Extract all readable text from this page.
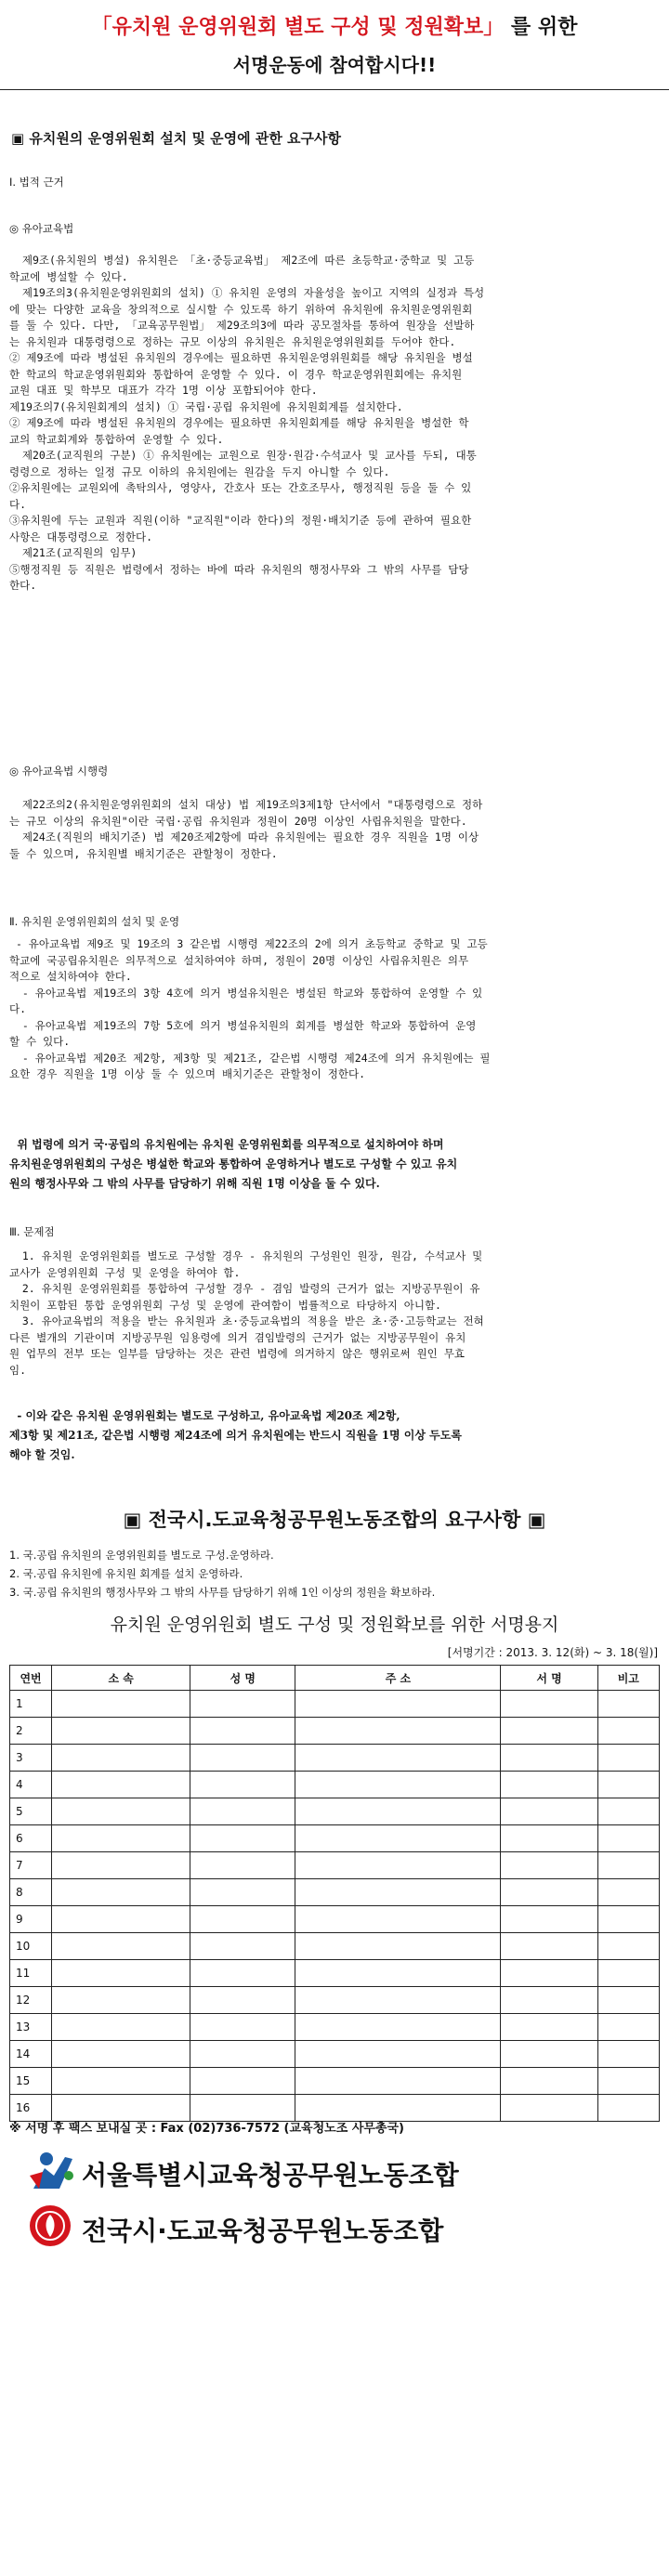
「유치원 운영위원회 별도 구성 및 정원확보」 를 위한
서명운동에 참여합시다!!
▣ 유치원의 운영위원회 설치 및 운영에 관한 요구사항
Ⅰ. 법적 근거
◎ 유아교육법
제9조(유치원의 병설) 유치원은 「초·중등교육법」 제2조에 따른 초등학교·중학교 및 고등
학교에 병설할 수 있다.
제19조의3(유치원운영위원회의 설치) ① 유치원 운영의 자율성을 높이고 지역의 실정과 특성
에 맞는 다양한 교육을 창의적으로 실시할 수 있도록 하기 위하여 유치원에 유치원운영위원회
를 둘 수 있다. 다만, 「교육공무원법」 제29조의3에 따라 공모절차를 통하여 원장을 선발하
는 유치원과 대통령령으로 정하는 규모 이상의 유치원은 유치원운영위원회를 두어야 한다.
② 제9조에 따라 병설된 유치원의 경우에는 필요하면 유치원운영위원회를 해당 유치원을 병설
한 학교의 학교운영위원회와 통합하여 운영할 수 있다. 이 경우 학교운영위원회에는 유치원
교원 대표 및 학부모 대표가 각각 1명 이상 포함되어야 한다.
제19조의7(유치원회계의 설치) ① 국립·공립 유치원에 유치원회계를 설치한다.
② 제9조에 따라 병설된 유치원의 경우에는 필요하면 유치원회계를 해당 유치원을 병설한 학
교의 학교회계와 통합하여 운영할 수 있다.
제20조(교직원의 구분) ① 유치원에는 교원으로 원장·원감·수석교사 및 교사를 두되, 대통
령령으로 정하는 일정 규모 이하의 유치원에는 원감을 두지 아니할 수 있다.
②유치원에는 교원외에 촉탁의사, 영양사, 간호사 또는 간호조무사, 행정직원 등을 둘 수 있
다.
③유치원에 두는 교원과 직원(이하 "교직원"이라 한다)의 정원·배치기준 등에 관하여 필요한
사항은 대통령령으로 정한다.
제21조(교직원의 임무)
⑤행정직원 등 직원은 법령에서 정하는 바에 따라 유치원의 행정사무와 그 밖의 사무를 담당
한다.
◎ 유아교육법 시행령
제22조의2(유치원운영위원회의 설치 대상) 법 제19조의3제1항 단서에서 "대통령령으로 정하
는 규모 이상의 유치원"이란 국립·공립 유치원과 정원이 20명 이상인 사립유치원을 말한다.
제24조(직원의 배치기준) 법 제20조제2항에 따라 유치원에는 필요한 경우 직원을 1명 이상
둘 수 있으며, 유치원별 배치기준은 관할청이 정한다.
Ⅱ. 유치원 운영위원회의 설치 및 운영
- 유아교육법 제9조 및 19조의 3 같은법 시행령 제22조의 2에 의거 초등학교 중학교 및 고등
학교에 국공립유치원은 의무적으로 설치하여야 하며, 정원이 20명 이상인 사립유치원은 의무
적으로 설치하여야 한다.
- 유아교육법 제19조의 3항 4호에 의거 병설유치원은 병설된 학교와 통합하여 운영할 수 있
다.
- 유아교육법 제19조의 7항 5호에 의거 병설유치원의 회계를 병설한 학교와 통합하여 운영
할 수 있다.
- 유아교육법 제20조 제2항, 제3항 및 제21조, 같은법 시행령 제24조에 의거 유치원에는 필
요한 경우 직원을 1명 이상 둘 수 있으며 배치기준은 관할청이 정한다.
위 법령에 의거 국·공립의 유치원에는 유치원 운영위원회를 의무적으로 설치하여야 하며
유치원운영위원회의 구성은 병설한 학교와 통합하여 운영하거나 별도로 구성할 수 있고 유치
원의 행정사무와 그 밖의 사무를 담당하기 위해 직원 1명 이상을 둘 수 있다.
Ⅲ. 문제점
1. 유치원 운영위원회를 별도로 구성할 경우 - 유치원의 구성원인 원장, 원감, 수석교사 및
교사가 운영위원회 구성 및 운영을 하여야 함.
2. 유치원 운영위원회를 통합하여 구성할 경우 - 겸임 발령의 근거가 없는 지방공무원이 유
치원이 포함된 통합 운영위원회 구성 및 운영에 관여함이 법률적으로 타당하지 아니함.
3. 유아교육법의 적용을 받는 유치원과 초·중등교육법의 적용을 받은 초·중·고등학교는 전혀
다른 별개의 기관이며 지방공무원 임용령에 의거 겸임발령의 근거가 없는 지방공무원이 유치
원 업무의 전부 또는 일부를 담당하는 것은 관련 법령에 의거하지 않은 행위로써 원인 무효
임.
- 이와 같은 유치원 운영위원회는 별도로 구성하고, 유아교육법 제20조 제2항,
제3항 및 제21조, 같은법 시행령 제24조에 의거 유치원에는 반드시 직원을 1명 이상 두도록
해야 할 것임.
▣ 전국시.도교육청공무원노동조합의 요구사항 ▣
1. 국.공립 유치원의 운영위원회를 별도로 구성.운영하라.
2. 국.공립 유치원에 유치원 회계를 설치 운영하라.
3. 국.공립 유치원의 행정사무와 그 밖의 사무를 담당하기 위해 1인 이상의 정원을 확보하라.
유치원 운영위원회 별도 구성 및 정원확보를 위한 서명용지
[서명기간 : 2013. 3. 12(화) ~ 3. 18(월)]
연번	소 속	성 명	주 소	서 명	비고
1					
2					
3					
4					
5					
6					
7					
8					
9					
10					
11					
12					
13					
14					
15					
16					
※ 서명 후 팩스 보내실 곳 : Fax (02)736-7572 (교육청노조 사무총국)
서울특별시교육청공무원노동조합
전국시·도교육청공무원노동조합
